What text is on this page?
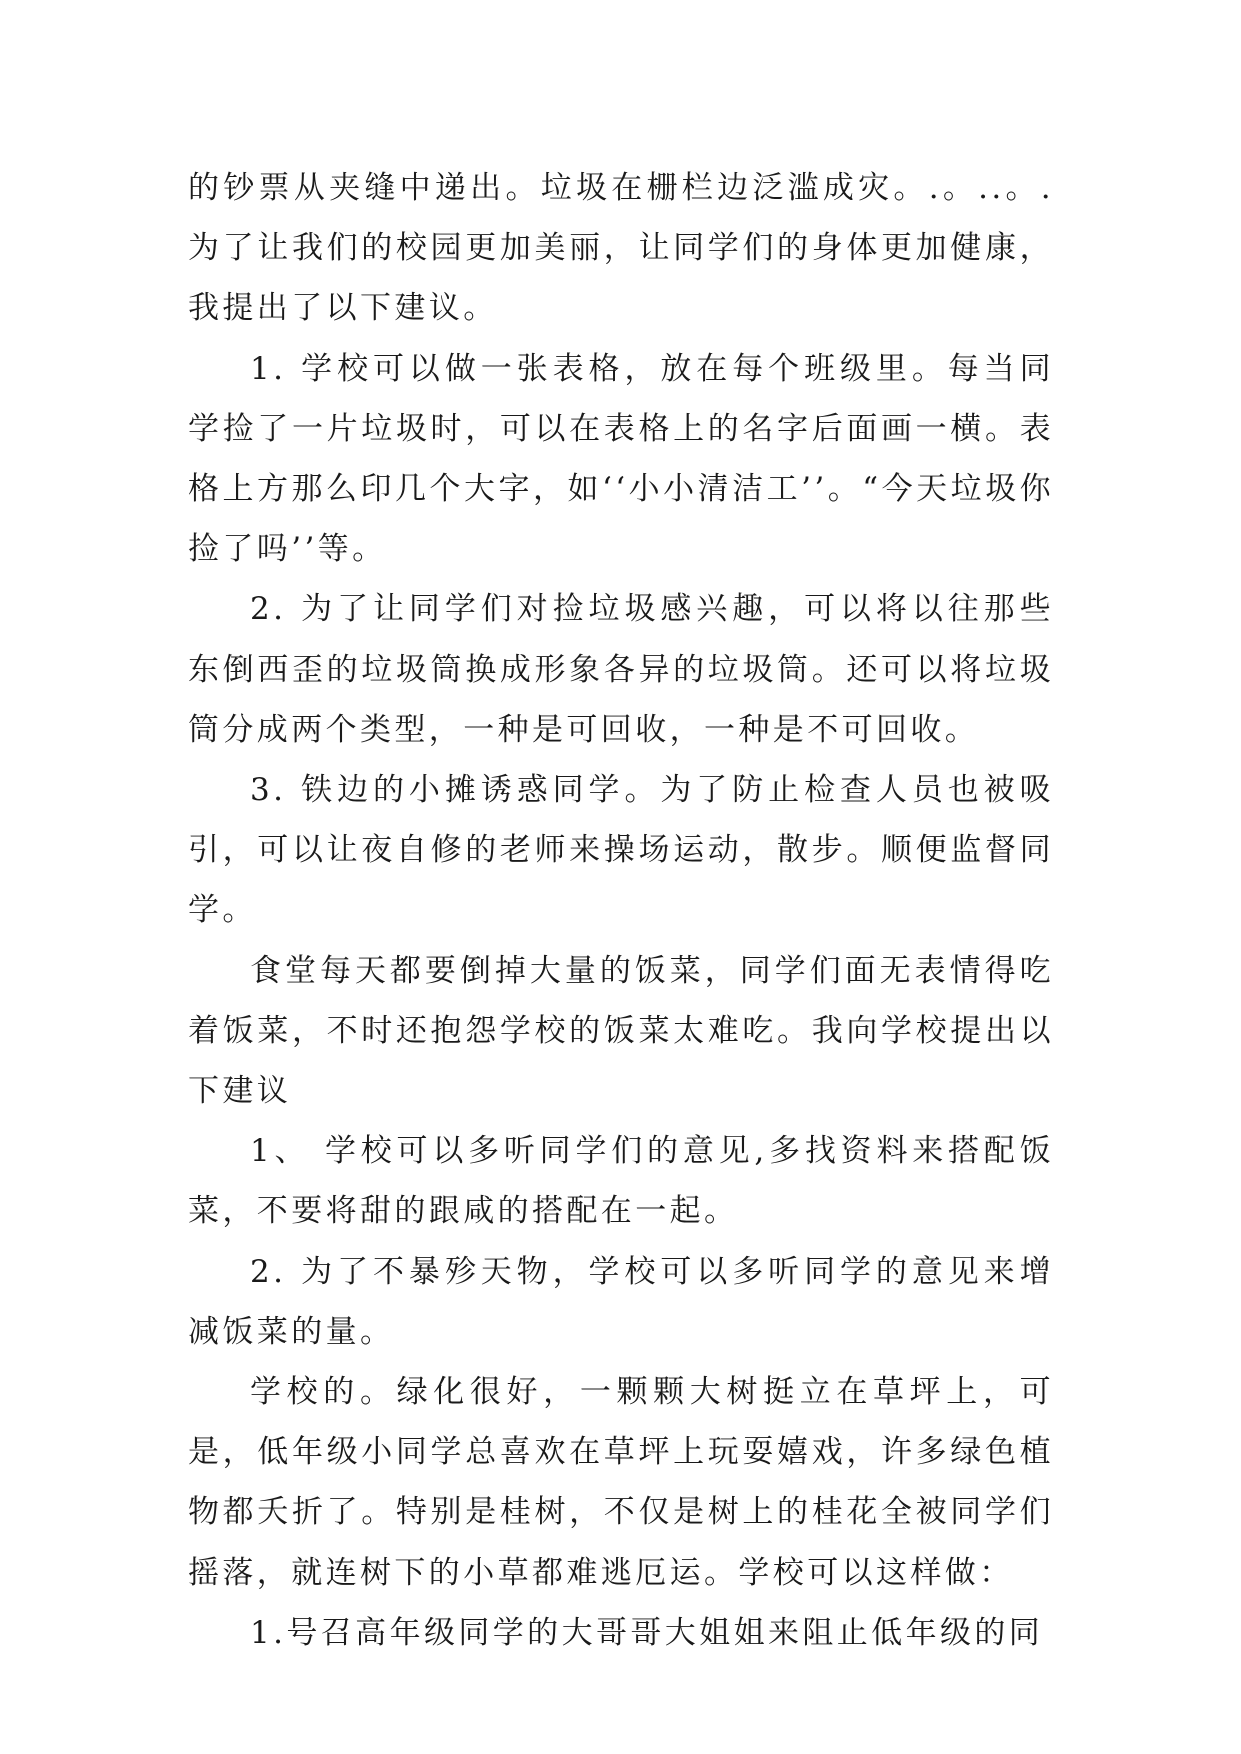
的钞票从夹缝中递出。垃圾在栅栏边泛滥成灾。.。..。.为了让我们的校园更加美丽，让同学们的身体更加健康，我提出了以下建议。

1. 学校可以做一张表格，放在每个班级里。每当同学捡了一片垃圾时，可以在表格上的名字后面画一横。表格上方那么印几个大字，如‘‘小小清洁工’’。“今天垃圾你捡了吗’’等。

2. 为了让同学们对捡垃圾感兴趣，可以将以往那些东倒西歪的垃圾筒换成形象各异的垃圾筒。还可以将垃圾筒分成两个类型，一种是可回收，一种是不可回收。

3. 铁边的小摊诱惑同学。为了防止检查人员也被吸引，可以让夜自修的老师来操场运动，散步。顺便监督同学。

食堂每天都要倒掉大量的饭菜，同学们面无表情得吃着饭菜，不时还抱怨学校的饭菜太难吃。我向学校提出以下建议

1、 学校可以多听同学们的意见,多找资料来搭配饭菜，不要将甜的跟咸的搭配在一起。

2. 为了不暴殄天物，学校可以多听同学的意见来增减饭菜的量。

学校的。绿化很好，一颗颗大树挺立在草坪上，可是，低年级小同学总喜欢在草坪上玩耍嬉戏，许多绿色植物都夭折了。特别是桂树，不仅是树上的桂花全被同学们摇落，就连树下的小草都难逃厄运。学校可以这样做：

1.号召高年级同学的大哥哥大姐姐来阻止低年级的同
